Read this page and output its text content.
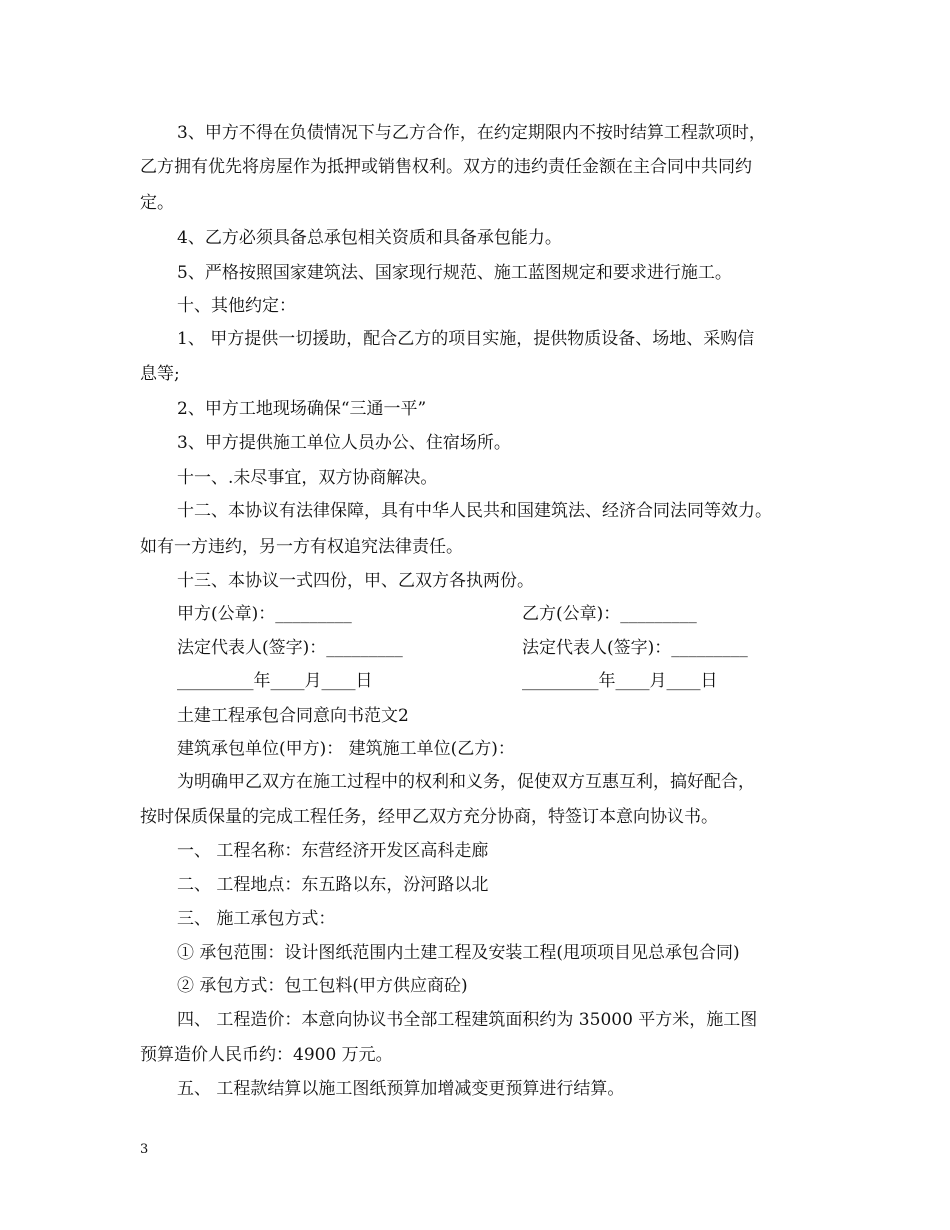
3、甲方不得在负债情况下与乙方合作，在约定期限内不按时结算工程款项时，
乙方拥有优先将房屋作为抵押或销售权利。双方的违约责任金额在主合同中共同约
定。
4、乙方必须具备总承包相关资质和具备承包能力。
5、严格按照国家建筑法、国家现行规范、施工蓝图规定和要求进行施工。
十、其他约定：
1、 甲方提供一切援助，配合乙方的项目实施，提供物质设备、场地、采购信
息等;
2、甲方工地现场确保“三通一平”
3、甲方提供施工单位人员办公、住宿场所。
十一、.未尽事宜，双方协商解决。
十二、本协议有法律保障，具有中华人民共和国建筑法、经济合同法同等效力。
如有一方违约，另一方有权追究法律责任。
十三、本协议一式四份，甲、乙双方各执两份。
甲方(公章)：_________	乙方(公章)：_________
法定代表人(签字)：_________	法定代表人(签字)：_________
_________年____月____日	_________年____月____日
土建工程承包合同意向书范文2
建筑承包单位(甲方)： 建筑施工单位(乙方)：
为明确甲乙双方在施工过程中的权利和义务，促使双方互惠互利，搞好配合，
按时保质保量的完成工程任务，经甲乙双方充分协商，特签订本意向协议书。
一、 工程名称：东营经济开发区高科走廊
二、 工程地点：东五路以东，汾河路以北
三、 施工承包方式：
① 承包范围：设计图纸范围内土建工程及安装工程(甩项项目见总承包合同)
② 承包方式：包工包料(甲方供应商砼)
四、 工程造价：本意向协议书全部工程建筑面积约为 35000 平方米，施工图
预算造价人民币约：4900 万元。
五、 工程款结算以施工图纸预算加增减变更预算进行结算。
3
